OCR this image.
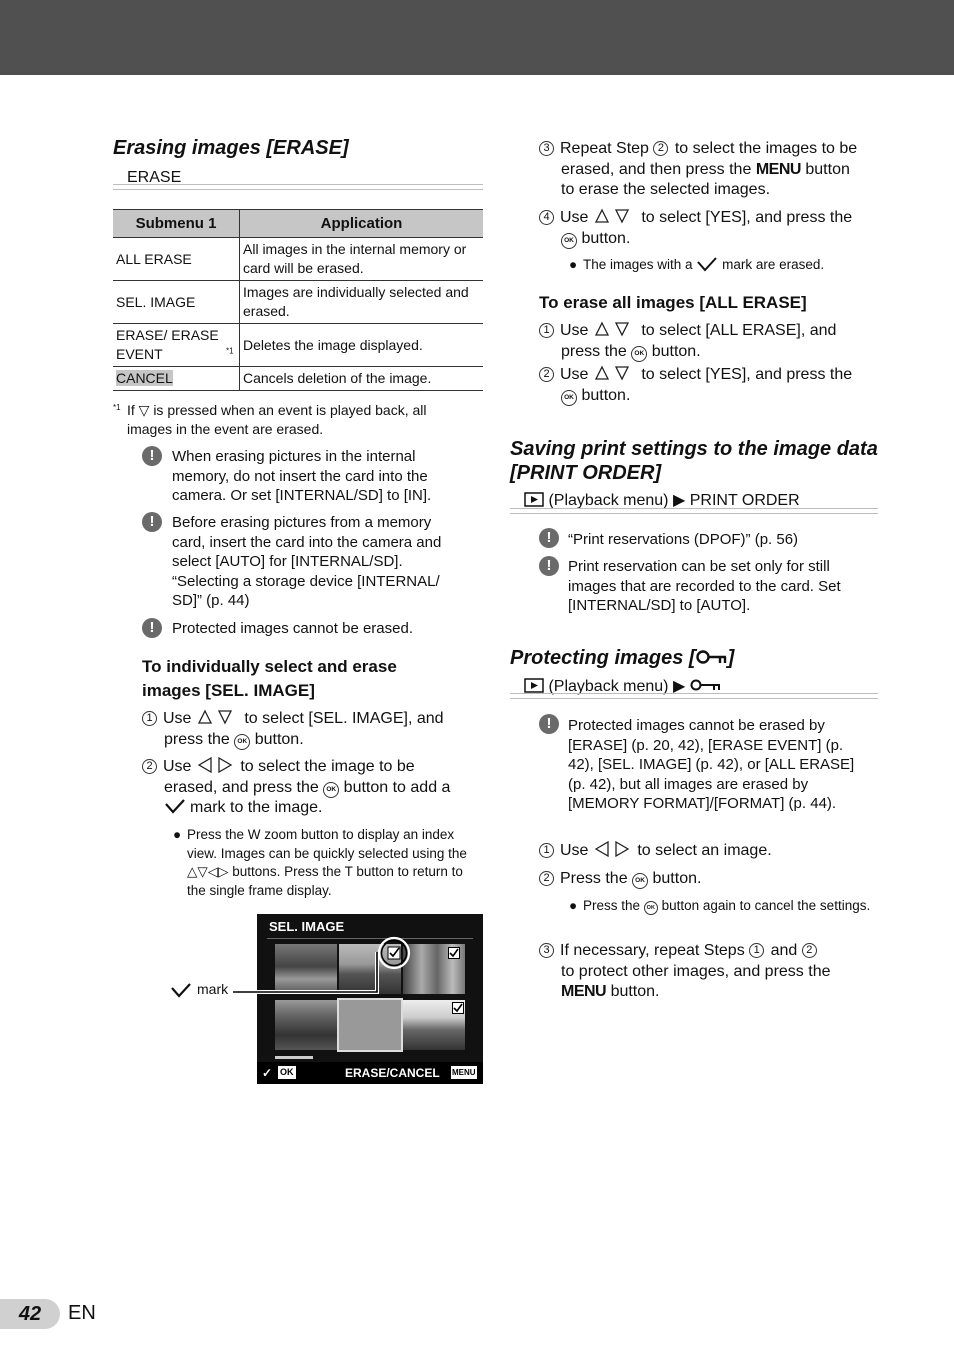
Erasing images [ERASE]
ERASE
Submenu 1	Application
ALL ERASE	All images in the internal memory or card will be erased.
SEL. IMAGE	Images are individually selected and erased.
ERASE/ ERASE EVENT $^{*1}$	Deletes the image displayed.
CANCEL	Cancels deletion of the image.
*1 If ▽ is pressed when an event is played back, all images in the event are erased.
!	When erasing pictures in the internal memory, do not insert the card into the camera. Or set [INTERNAL/SD] to [IN].
!	Before erasing pictures from a memory card, insert the card into the camera and select [AUTO] for [INTERNAL/SD]. “Selecting a storage device [INTERNAL/ SD]” (p. 44)
!	Protected images cannot be erased.
To individually select and erase
images [SEL. IMAGE]
1 Use	to select [SEL. IMAGE], and
press the OK button.
2 Use	to select the image to be
erased, and press the OK button to add a
mark to the image.
● Press the W zoom button to display an index view. Images can be quickly selected using the △▽◁▷ buttons. Press the T button to return to the single frame display.
SEL. IMAGE
✓ OK	ERASE/CANCEL MENU
mark
3 Repeat Step 2 to select the images to be
erased, and then press the MENU button
to erase the selected images.
4 Use	to select [YES], and press the
OK button.
● The images with a mark are erased.
To erase all images [ALL ERASE]
1 Use	to select [ALL ERASE], and
press the OK button.
2 Use	to select [YES], and press the
OK button.
Saving print settings to the image data
[PRINT ORDER]
(Playback menu) ▶ PRINT ORDER
!	“Print reservations (DPOF)” (p. 56)
!	Print reservation can be set only for still images that are recorded to the card. Set [INTERNAL/SD] to [AUTO].
Protecting images [ ]
(Playback menu) ▶
!	Protected images cannot be erased by [ERASE] (p. 20, 42), [ERASE EVENT] (p. 42), [SEL. IMAGE] (p. 42), or [ALL ERASE] (p. 42), but all images are erased by [MEMORY FORMAT]/[FORMAT] (p. 44).
1 Use	to select an image.
2 Press the OK button.
● Press the OK button again to cancel the settings.
3 If necessary, repeat Steps 1 and 2
to protect other images, and press the
MENU button.
42	EN
